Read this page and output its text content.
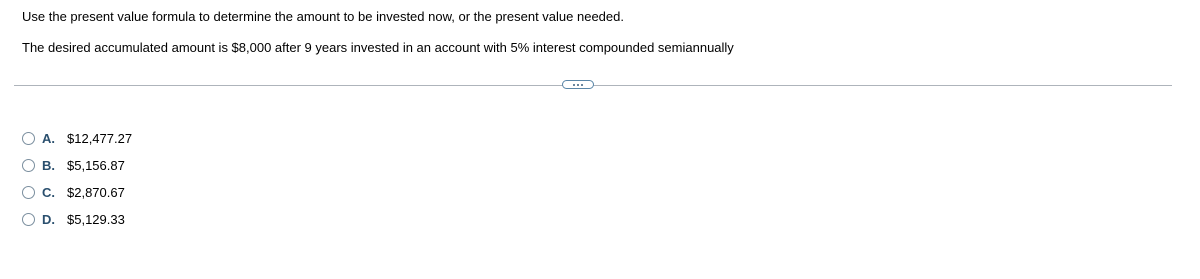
Use the present value formula to determine the amount to be invested now, or the present value needed.
The desired accumulated amount is $8,000 after 9 years invested in an account with 5% interest compounded semiannually
A. $12,477.27
B. $5,156.87
C. $2,870.67
D. $5,129.33
